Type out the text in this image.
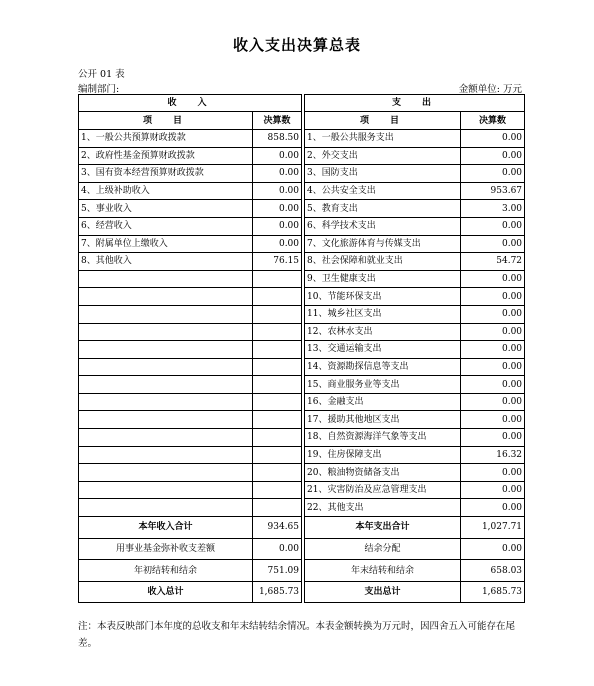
收入支出决算总表
公开 01 表
编制部门:	金额单位: 万元
收　入			支　出	
项　目	决算数		项　目	决算数
1、一般公共预算财政拨款	858.50		1、一般公共服务支出	0.00
2、政府性基金预算财政拨款	0.00		2、外交支出	0.00
3、国有资本经营预算财政拨款	0.00		3、国防支出	0.00
4、上级补助收入	0.00		4、公共安全支出	953.67
5、事业收入	0.00		5、教育支出	3.00
6、经营收入	0.00		6、科学技术支出	0.00
7、附属单位上缴收入	0.00		7、文化旅游体育与传媒支出	0.00
8、其他收入	76.15		8、社会保障和就业支出	54.72
			9、卫生健康支出	0.00
			10、节能环保支出	0.00
			11、城乡社区支出	0.00
			12、农林水支出	0.00
			13、交通运输支出	0.00
			14、资源勘探信息等支出	0.00
			15、商业服务业等支出	0.00
			16、金融支出	0.00
			17、援助其他地区支出	0.00
			18、自然资源海洋气象等支出	0.00
			19、住房保障支出	16.32
			20、粮油物资储备支出	0.00
			21、灾害防治及应急管理支出	0.00
			22、其他支出	0.00
本年收入合计	934.65		本年支出合计	1,027.71
用事业基金弥补收支差额	0.00		结余分配	0.00
年初结转和结余	751.09		年末结转和结余	658.03
收入总计	1,685.73		支出总计	1,685.73
注：本表反映部门本年度的总收支和年末结转结余情况。本表金额转换为万元时，因四舍五入可能存在尾差。
